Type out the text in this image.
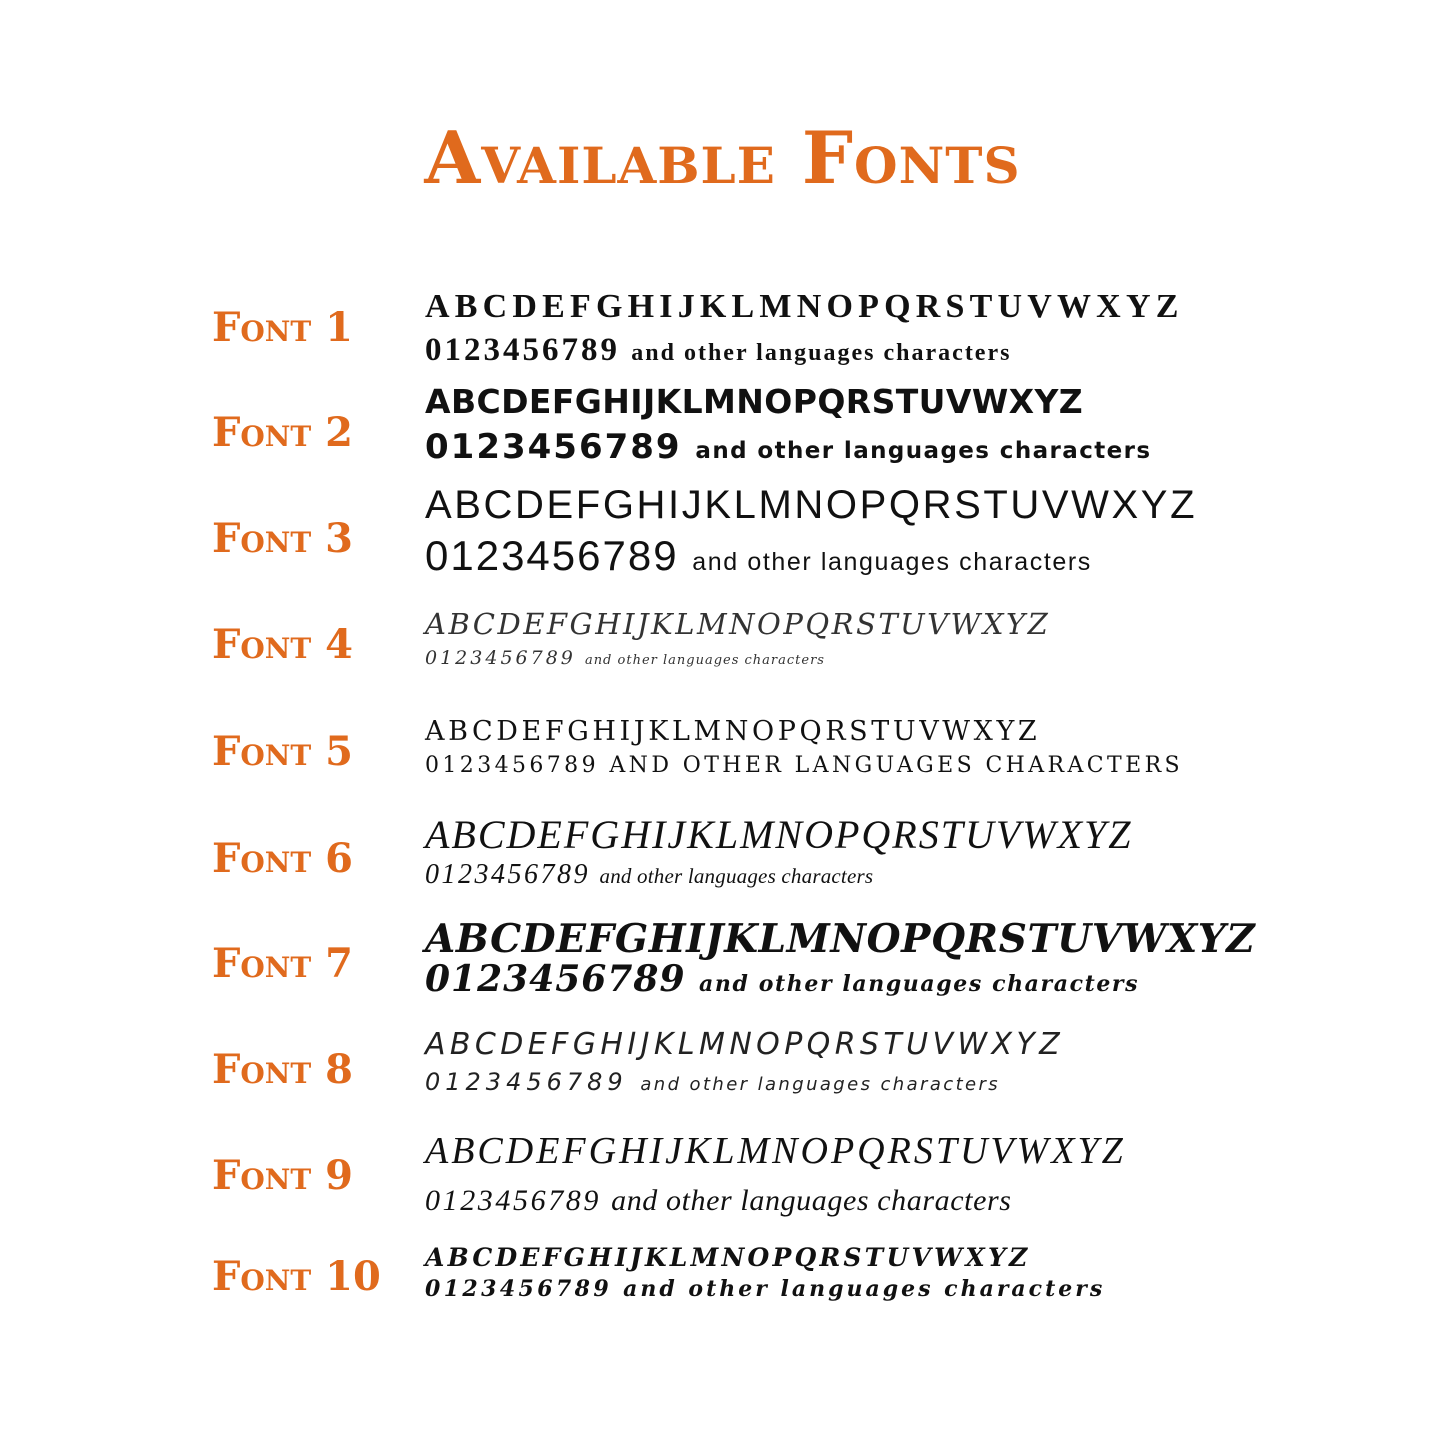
Available Fonts
Font 1 ABCDEFGHIJKLMNOPQRSTUVWXYZ
0123456789 and other languages characters
Font 2
ABCDEFGHIJKLMNOPQRSTUVWXYZ
0123456789 and other languages characters
Font 3
ABCDEFGHIJKLMNOPQRSTUVWXYZ
0123456789 and other languages characters
Font 4 ABCDEFGHIJKLMNOPQRSTUVWXYZ
0123456789 and other languages characters
Font 5	ABCDEFGHIJKLMNOPQRSTUVWXYZ
0123456789 AND OTHER LANGUAGES CHARACTERS
Font 6
ABCDEFGHIJKLMNOPQRSTUVWXYZ
0123456789 and other languages characters
Font 7
ABCDEFGHIJKLMNOPQRSTUVWXYZ
0123456789 and other languages characters
Font 8
ABCDEFGHIJKLMNOPQRSTUVWXYZ
0123456789 and other languages characters
Font 9
ABCDEFGHIJKLMNOPQRSTUVWXYZ
0123456789 and other languages characters
Font 10 ABCDEFGHIJKLMNOPQRSTUVWXYZ
0123456789 and other languages characters
